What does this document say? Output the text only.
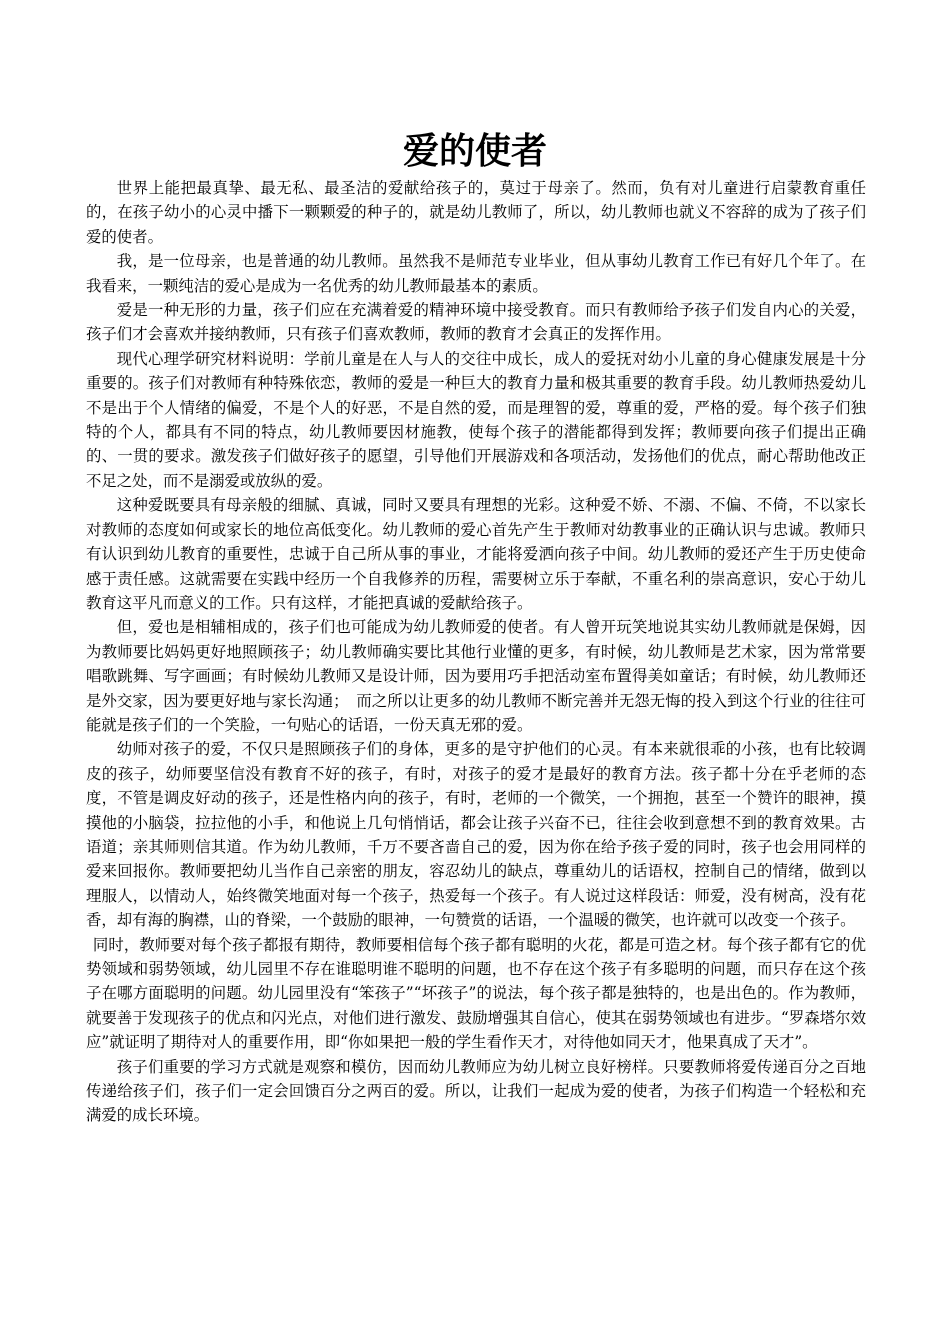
爱的使者

世界上能把最真挚、最无私、最圣洁的爱献给孩子的，莫过于母亲了。然而，负有对儿童进行启蒙教育重任的，在孩子幼小的心灵中播下一颗颗爱的种子的，就是幼儿教师了，所以，幼儿教师也就义不容辞的成为了孩子们爱的使者。

我，是一位母亲，也是普通的幼儿教师。虽然我不是师范专业毕业，但从事幼儿教育工作已有好几个年了。在我看来，一颗纯洁的爱心是成为一名优秀的幼儿教师最基本的素质。

爱是一种无形的力量，孩子们应在充满着爱的精神环境中接受教育。而只有教师给予孩子们发自内心的关爱，孩子们才会喜欢并接纳教师，只有孩子们喜欢教师，教师的教育才会真正的发挥作用。

现代心理学研究材料说明：学前儿童是在人与人的交往中成长，成人的爱抚对幼小儿童的身心健康发展是十分重要的。孩子们对教师有种特殊依恋，教师的爱是一种巨大的教育力量和极其重要的教育手段。幼儿教师热爱幼儿不是出于个人情绪的偏爱，不是个人的好恶，不是自然的爱，而是理智的爱，尊重的爱，严格的爱。每个孩子们独特的个人，都具有不同的特点，幼儿教师要因材施教，使每个孩子的潜能都得到发挥；教师要向孩子们提出正确的、一贯的要求。激发孩子们做好孩子的愿望，引导他们开展游戏和各项活动，发扬他们的优点，耐心帮助他改正不足之处，而不是溺爱或放纵的爱。

这种爱既要具有母亲般的细腻、真诚，同时又要具有理想的光彩。这种爱不娇、不溺、不偏、不倚，不以家长对教师的态度如何或家长的地位高低变化。幼儿教师的爱心首先产生于教师对幼教事业的正确认识与忠诚。教师只有认识到幼儿教育的重要性，忠诚于自己所从事的事业，才能将爱洒向孩子中间。幼儿教师的爱还产生于历史使命感于责任感。这就需要在实践中经历一个自我修养的历程，需要树立乐于奉献，不重名利的崇高意识，安心于幼儿教育这平凡而意义的工作。只有这样，才能把真诚的爱献给孩子。

但，爱也是相辅相成的，孩子们也可能成为幼儿教师爱的使者。有人曾开玩笑地说其实幼儿教师就是保姆，因为教师要比妈妈更好地照顾孩子；幼儿教师确实要比其他行业懂的更多，有时候，幼儿教师是艺术家，因为常常要唱歌跳舞、写字画画；有时候幼儿教师又是设计师，因为要用巧手把活动室布置得美如童话；有时候，幼儿教师还是外交家，因为要更好地与家长沟通；　而之所以让更多的幼儿教师不断完善并无怨无悔的投入到这个行业的往往可能就是孩子们的一个笑脸，一句贴心的话语，一份天真无邪的爱。

幼师对孩子的爱，不仅只是照顾孩子们的身体，更多的是守护他们的心灵。有本来就很乖的小孩，也有比较调皮的孩子，幼师要坚信没有教育不好的孩子，有时，对孩子的爱才是最好的教育方法。孩子都十分在乎老师的态度，不管是调皮好动的孩子，还是性格内向的孩子，有时，老师的一个微笑，一个拥抱，甚至一个赞许的眼神，摸摸他的小脑袋，拉拉他的小手，和他说上几句悄悄话，都会让孩子兴奋不已，往往会收到意想不到的教育效果。古语道；亲其师则信其道。作为幼儿教师，千万不要吝啬自己的爱，因为你在给予孩子爱的同时，孩子也会用同样的爱来回报你。教师要把幼儿当作自己亲密的朋友，容忍幼儿的缺点，尊重幼儿的话语权，控制自己的情绪，做到以理服人，以情动人，始终微笑地面对每一个孩子，热爱每一个孩子。有人说过这样段话：师爱，没有树高，没有花香，却有海的胸襟，山的脊梁，一个鼓励的眼神，一句赞赏的话语，一个温暖的微笑，也许就可以改变一个孩子。

同时，教师要对每个孩子都报有期待，教师要相信每个孩子都有聪明的火花，都是可造之材。每个孩子都有它的优势领域和弱势领域，幼儿园里不存在谁聪明谁不聪明的问题，也不存在这个孩子有多聪明的问题，而只存在这个孩子在哪方面聪明的问题。幼儿园里没有“笨孩子”“坏孩子”的说法，每个孩子都是独特的，也是出色的。作为教师，就要善于发现孩子的优点和闪光点，对他们进行激发、鼓励增强其自信心，使其在弱势领域也有进步。“罗森塔尔效应”就证明了期待对人的重要作用，即“你如果把一般的学生看作天才，对待他如同天才，他果真成了天才”。

孩子们重要的学习方式就是观察和模仿，因而幼儿教师应为幼儿树立良好榜样。只要教师将爱传递百分之百地传递给孩子们，孩子们一定会回馈百分之两百的爱。所以，让我们一起成为爱的使者，为孩子们构造一个轻松和充满爱的成长环境。
